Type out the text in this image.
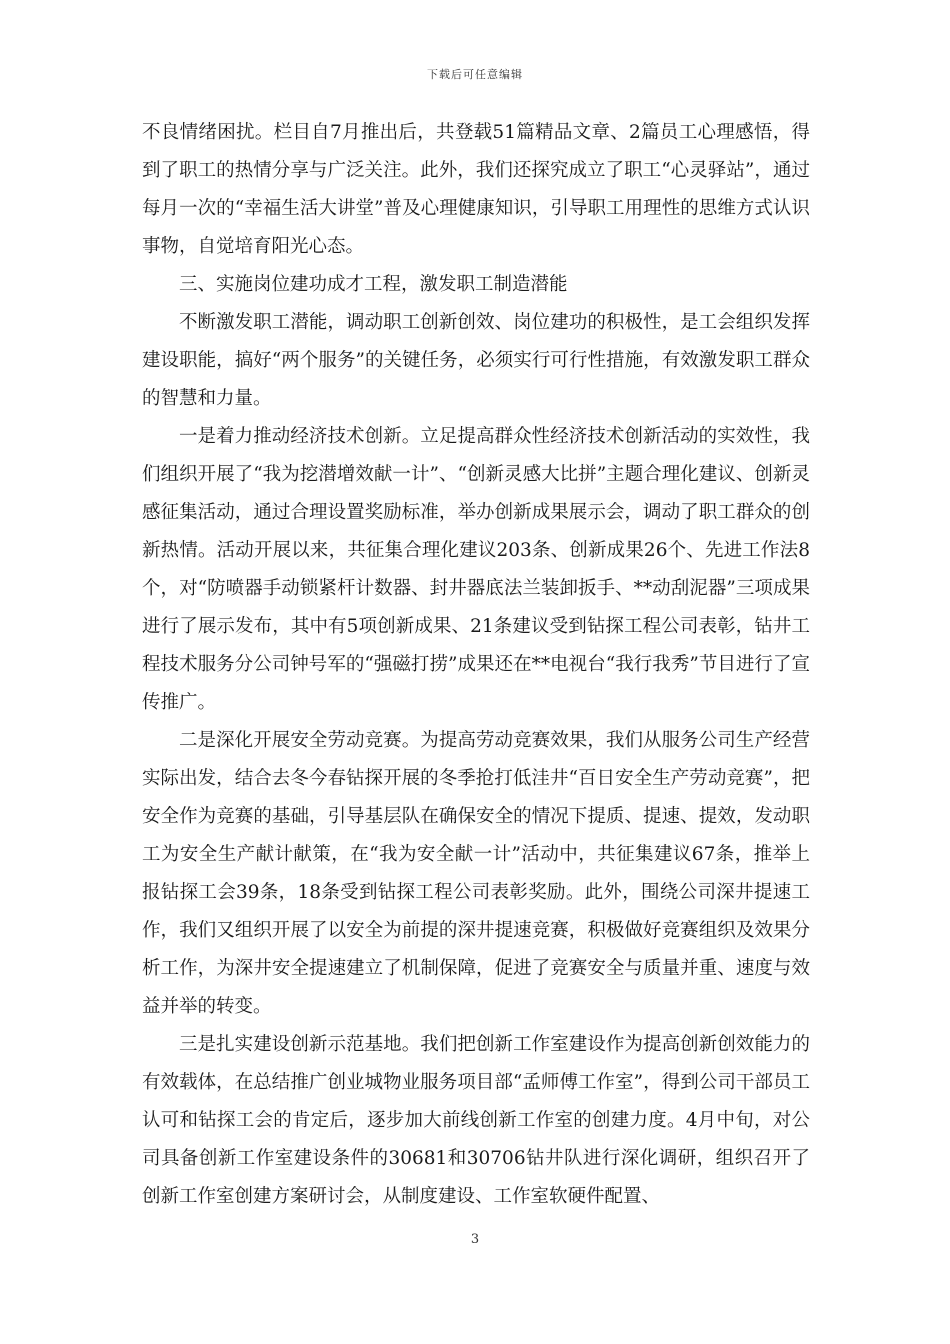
下载后可任意编辑

不良情绪困扰。栏目自7月推出后，共登载51篇精品文章、2篇员工心理感悟，得到了职工的热情分享与广泛关注。此外，我们还探究成立了职工“心灵驿站”，通过每月一次的“幸福生活大讲堂”普及心理健康知识，引导职工用理性的思维方式认识事物，自觉培育阳光心态。

三、实施岗位建功成才工程，激发职工制造潜能

不断激发职工潜能，调动职工创新创效、岗位建功的积极性，是工会组织发挥建设职能，搞好“两个服务”的关键任务，必须实行可行性措施，有效激发职工群众的智慧和力量。

一是着力推动经济技术创新。立足提高群众性经济技术创新活动的实效性，我们组织开展了“我为挖潜增效献一计”、“创新灵感大比拼”主题合理化建议、创新灵感征集活动，通过合理设置奖励标准，举办创新成果展示会，调动了职工群众的创新热情。活动开展以来，共征集合理化建议203条、创新成果26个、先进工作法8个，对“防喷器手动锁紧杆计数器、封井器底法兰装卸扳手、**动刮泥器”三项成果进行了展示发布，其中有5项创新成果、21条建议受到钻探工程公司表彰，钻井工程技术服务分公司钟号军的“强磁打捞”成果还在**电视台“我行我秀”节目进行了宣传推广。

二是深化开展安全劳动竞赛。为提高劳动竞赛效果，我们从服务公司生产经营实际出发，结合去冬今春钻探开展的冬季抢打低洼井“百日安全生产劳动竞赛”，把安全作为竞赛的基础，引导基层队在确保安全的情况下提质、提速、提效，发动职工为安全生产献计献策，在“我为安全献一计”活动中，共征集建议67条，推举上报钻探工会39条，18条受到钻探工程公司表彰奖励。此外，围绕公司深井提速工作，我们又组织开展了以安全为前提的深井提速竞赛，积极做好竞赛组织及效果分析工作，为深井安全提速建立了机制保障，促进了竞赛安全与质量并重、速度与效益并举的转变。

三是扎实建设创新示范基地。我们把创新工作室建设作为提高创新创效能力的有效载体，在总结推广创业城物业服务项目部“孟师傅工作室”，得到公司干部员工认可和钻探工会的肯定后，逐步加大前线创新工作室的创建力度。4月中旬，对公司具备创新工作室建设条件的30681和30706钻井队进行深化调研，组织召开了创新工作室创建方案研讨会，从制度建设、工作室软硬件配置、

3
